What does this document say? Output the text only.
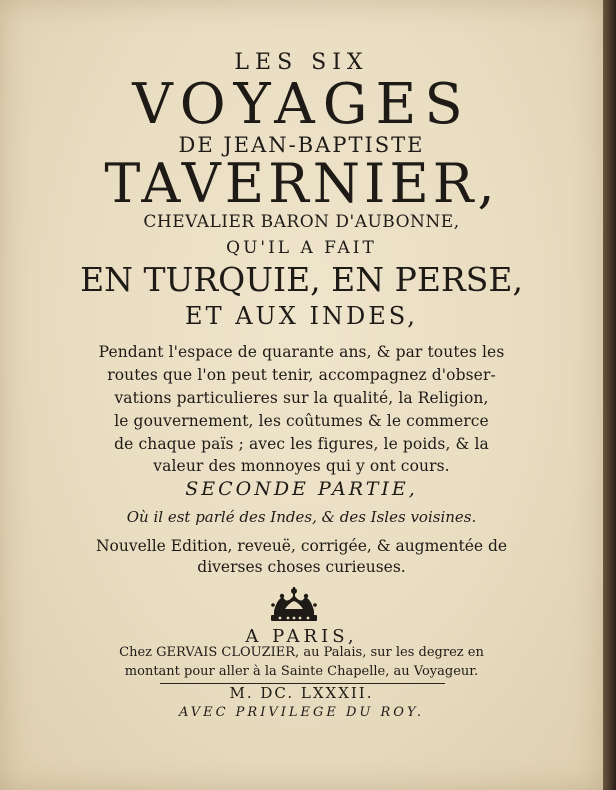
LES SIX

VOYAGES

DE JEAN-BAPTISTE

TAVERNIER,

CHEVALIER BARON D'AUBONNE,

QU'IL A FAIT

EN TURQUIE, EN PERSE,

ET AUX INDES,

Pendant l'espace de quarante ans, & par toutes les

routes que l'on peut tenir, accompagnez d'obser-

vations particulieres sur la qualité, la Religion,

le gouvernement, les coûtumes & le commerce

de chaque païs ; avec les figures, le poids, & la

valeur des monnoyes qui y ont cours.

SECONDE PARTIE,

Où il est parlé des Indes, & des Isles voisines.

Nouvelle Edition, reveuë, corrigée, & augmentée de

diverses choses curieuses.

A PARIS,

Chez GERVAIS CLOUZIER, au Palais, sur les degrez en

montant pour aller à la Sainte Chapelle, au Voyageur.

M. DC. LXXXII.

AVEC PRIVILEGE DU ROY.
